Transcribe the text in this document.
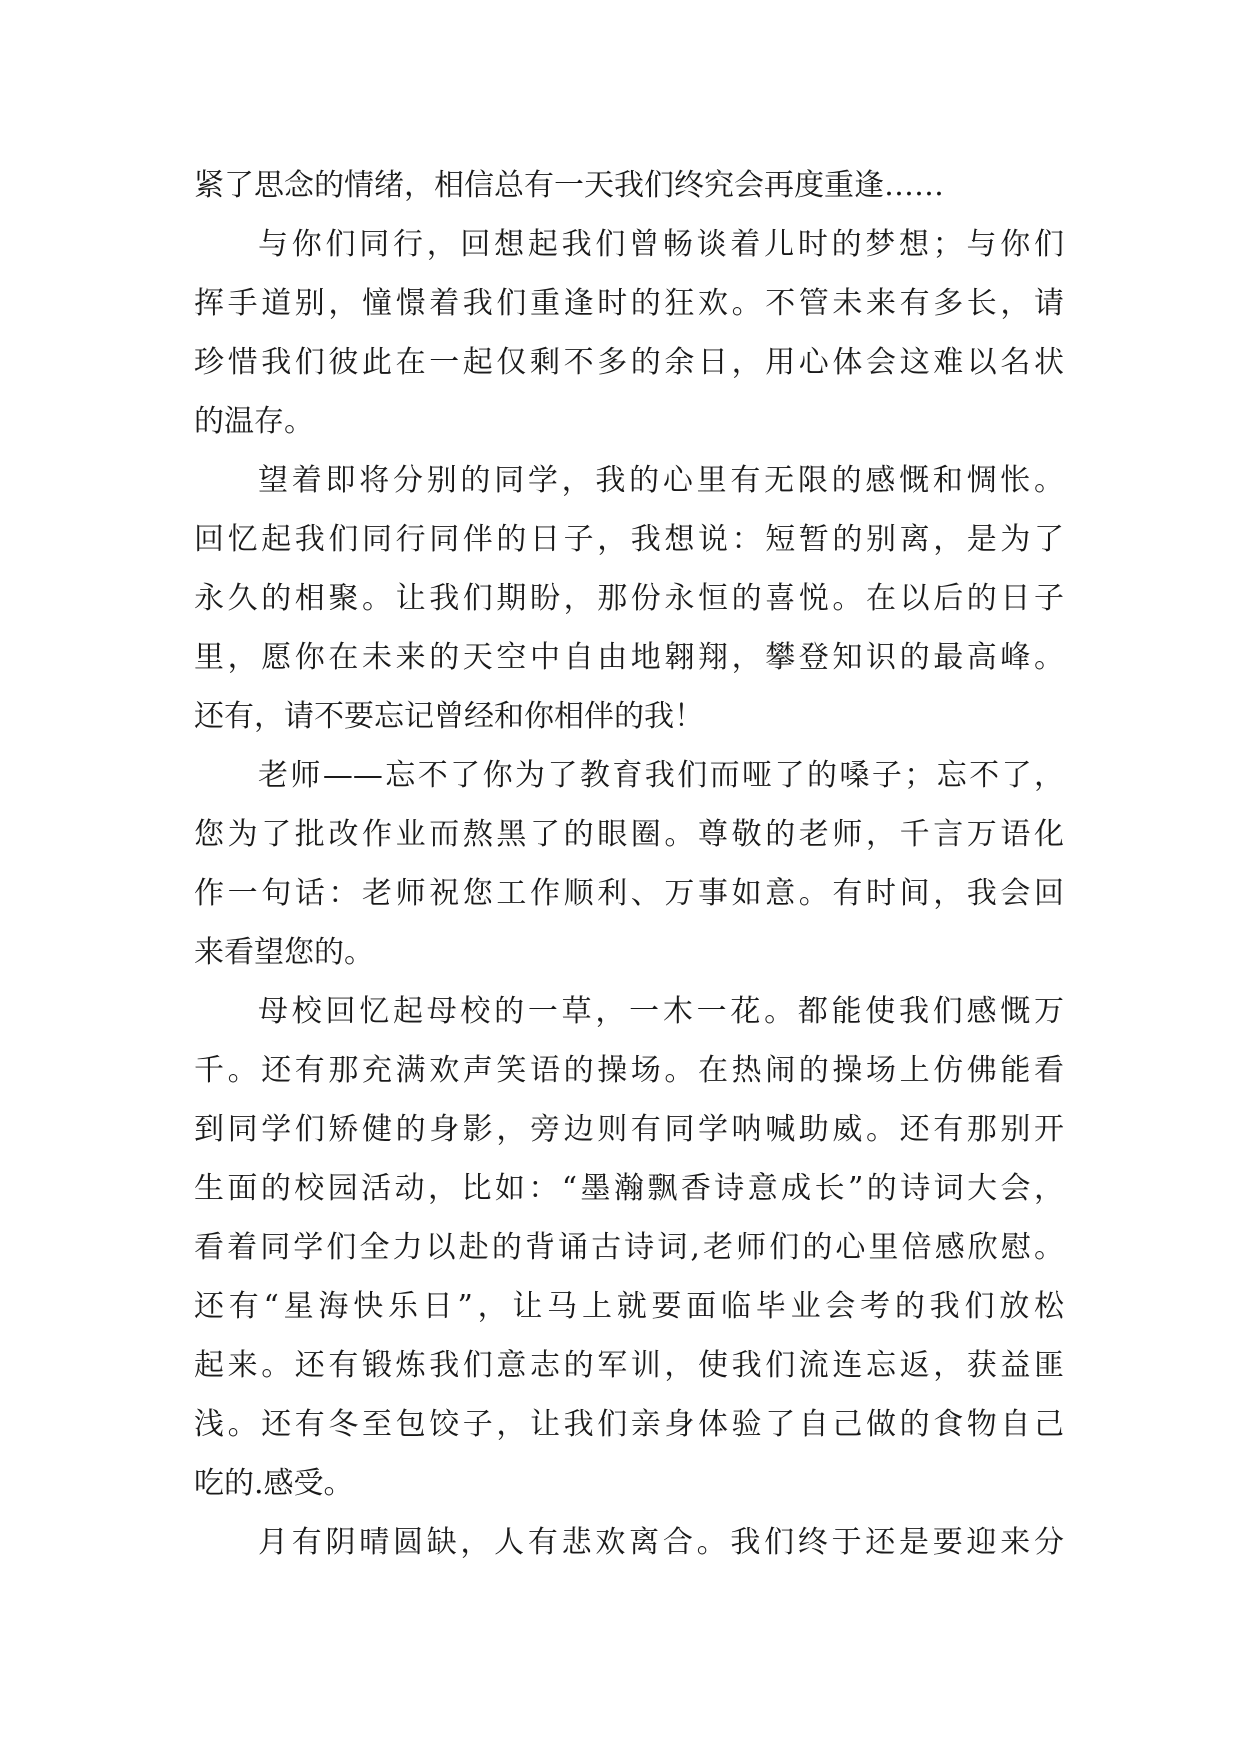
紧了思念的情绪，相信总有一天我们终究会再度重逢……
与你们同行，回想起我们曾畅谈着儿时的梦想；与你们
挥手道别，憧憬着我们重逢时的狂欢。不管未来有多长，请
珍惜我们彼此在一起仅剩不多的余日，用心体会这难以名状
的温存。
望着即将分别的同学，我的心里有无限的感慨和惆怅。
回忆起我们同行同伴的日子，我想说：短暂的别离，是为了
永久的相聚。让我们期盼，那份永恒的喜悦。在以后的日子
里，愿你在未来的天空中自由地翱翔，攀登知识的最高峰。
还有，请不要忘记曾经和你相伴的我！
老师——忘不了你为了教育我们而哑了的嗓子；忘不了，
您为了批改作业而熬黑了的眼圈。尊敬的老师，千言万语化
作一句话：老师祝您工作顺利、万事如意。有时间，我会回
来看望您的。
母校回忆起母校的一草，一木一花。都能使我们感慨万
千。还有那充满欢声笑语的操场。在热闹的操场上仿佛能看
到同学们矫健的身影，旁边则有同学呐喊助威。还有那别开
生面的校园活动，比如：“墨瀚飘香诗意成长”的诗词大会，
看着同学们全力以赴的背诵古诗词,老师们的心里倍感欣慰。
还有“星海快乐日”，让马上就要面临毕业会考的我们放松
起来。还有锻炼我们意志的军训，使我们流连忘返，获益匪
浅。还有冬至包饺子，让我们亲身体验了自己做的食物自己
吃的.感受。
月有阴晴圆缺，人有悲欢离合。我们终于还是要迎来分
